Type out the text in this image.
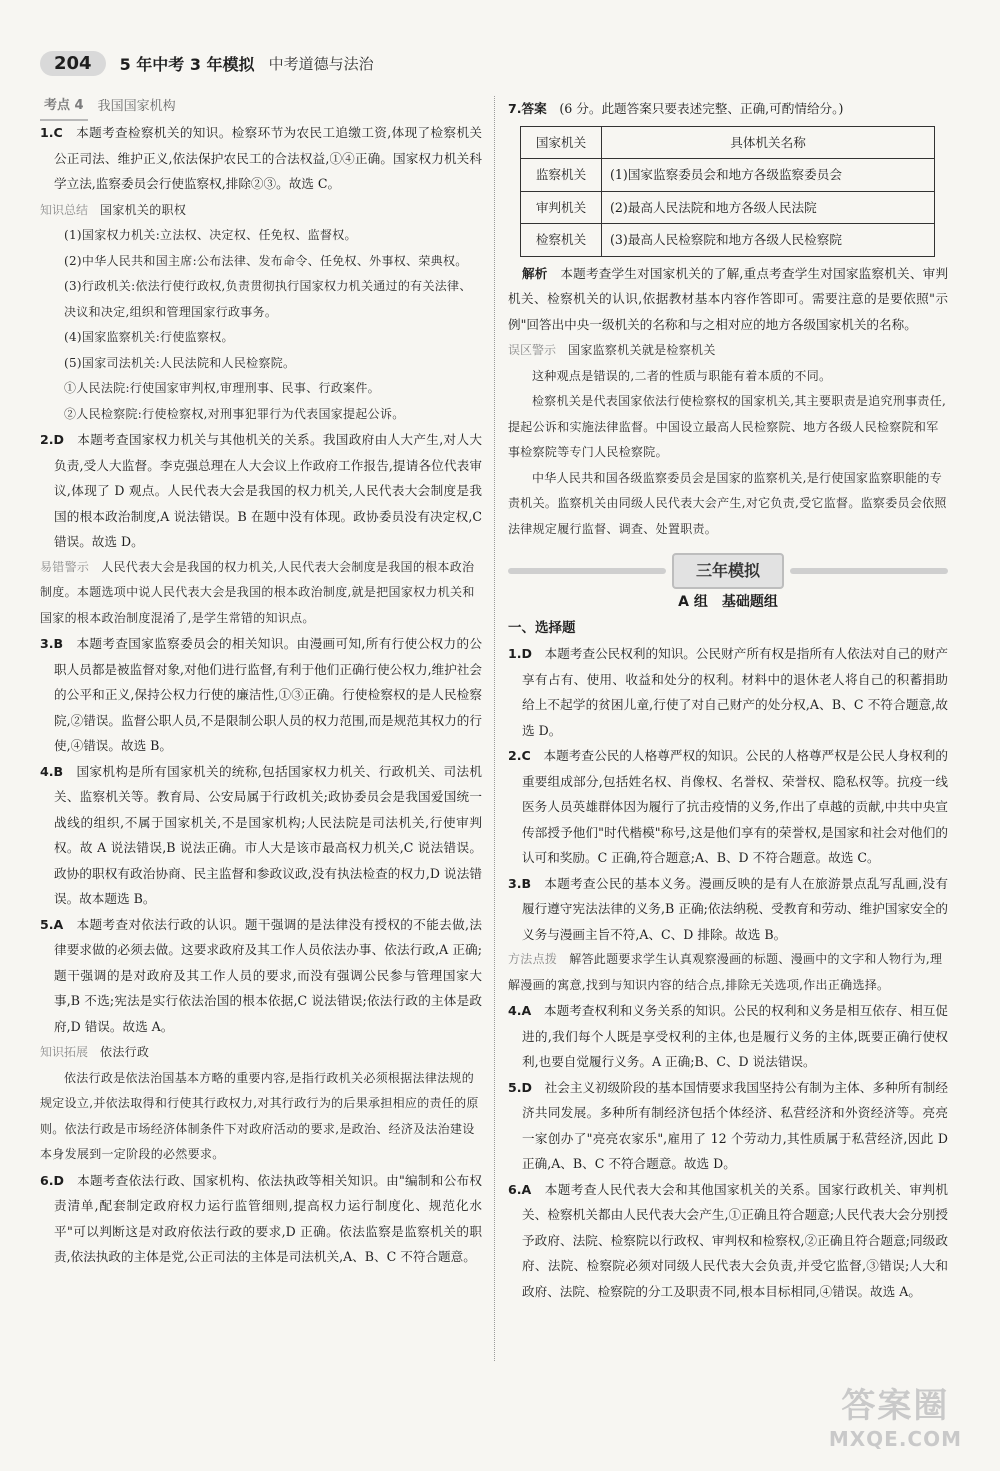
204	5 年中考 3 年模拟 中考道德与法治
考点 4	我国国家机构

1.C　 本题考查检察机关的知识。检察环节为农民工追缴工资,体现了检察机关公正司法、维护正义,依法保护农民工的合法权益,①④正确。国家权力机关科学立法,监察委员会行使监察权,排除②③。故选 C。

知识总结 国家机关的职权

(1)国家权力机关:立法权、决定权、任免权、监督权。

(2)中华人民共和国主席:公布法律、发布命令、任免权、外事权、荣典权。

(3)行政机关:依法行使行政权,负责贯彻执行国家权力机关通过的有关法律、决议和决定,组织和管理国家行政事务。

(4)国家监察机关:行使监察权。

(5)国家司法机关:人民法院和人民检察院。

①人民法院:行使国家审判权,审理刑事、民事、行政案件。

②人民检察院:行使检察权,对刑事犯罪行为代表国家提起公诉。

2.D　 本题考查国家权力机关与其他机关的关系。我国政府由人大产生,对人大负责,受人大监督。李克强总理在人大会议上作政府工作报告,提请各位代表审议,体现了 D 观点。人民代表大会是我国的权力机关,人民代表大会制度是我国的根本政治制度,A 说法错误。B 在题中没有体现。政协委员没有决定权,C 错误。故选 D。

易错警示 人民代表大会是我国的权力机关,人民代表大会制度是我国的根本政治制度。本题选项中说人民代表大会是我国的根本政治制度,就是把国家权力机关和国家的根本政治制度混淆了,是学生常错的知识点。

3.B　 本题考查国家监察委员会的相关知识。由漫画可知,所有行使公权力的公职人员都是被监督对象,对他们进行监督,有利于他们正确行使公权力,维护社会的公平和正义,保持公权力行使的廉洁性,①③正确。行使检察权的是人民检察院,②错误。监督公职人员,不是限制公职人员的权力范围,而是规范其权力的行使,④错误。故选 B。

4.B　 国家机构是所有国家机关的统称,包括国家权力机关、行政机关、司法机关、监察机关等。教育局、公安局属于行政机关;政协委员会是我国爱国统一战线的组织,不属于国家机关,不是国家机构;人民法院是司法机关,行使审判权。故 A 说法错误,B 说法正确。市人大是该市最高权力机关,C 说法错误。政协的职权有政治协商、民主监督和参政议政,没有执法检查的权力,D 说法错误。故本题选 B。

5.A　 本题考查对依法行政的认识。题干强调的是法律没有授权的不能去做,法律要求做的必须去做。这要求政府及其工作人员依法办事、依法行政,A 正确;题干强调的是对政府及其工作人员的要求,而没有强调公民参与管理国家大事,B 不选;宪法是实行依法治国的根本依据,C 说法错误;依法行政的主体是政府,D 错误。故选 A。

知识拓展 依法行政

依法行政是依法治国基本方略的重要内容,是指行政机关必须根据法律法规的规定设立,并依法取得和行使其行政权力,对其行政行为的后果承担相应的责任的原则。依法行政是市场经济体制条件下对政府活动的要求,是政治、经济及法治建设本身发展到一定阶段的必然要求。

6.D　 本题考查依法行政、国家机构、依法执政等相关知识。由"编制和公布权责清单,配套制定政府权力运行监管细则,提高权力运行制度化、规范化水平"可以判断这是对政府依法行政的要求,D 正确。依法监察是监察机关的职责,依法执政的主体是党,公正司法的主体是司法机关,A、B、C 不符合题意。

7.答案　 (6 分。此题答案只要表述完整、正确,可酌情给分。)

国家机关	具体机关名称
监察机关	(1)国家监察委员会和地方各级监察委员会
审判机关	(2)最高人民法院和地方各级人民法院
检察机关	(3)最高人民检察院和地方各级人民检察院

解析　 本题考查学生对国家机关的了解,重点考查学生对国家监察机关、审判机关、检察机关的认识,依据教材基本内容作答即可。需要注意的是要依照"示例"回答出中央一级机关的名称和与之相对应的地方各级国家机关的名称。

误区警示 国家监察机关就是检察机关

这种观点是错误的,二者的性质与职能有着本质的不同。

检察机关是代表国家依法行使检察权的国家机关,其主要职责是追究刑事责任,提起公诉和实施法律监督。中国设立最高人民检察院、地方各级人民检察院和军事检察院等专门人民检察院。

中华人民共和国各级监察委员会是国家的监察机关,是行使国家监察职能的专责机关。监察机关由同级人民代表大会产生,对它负责,受它监督。监察委员会依照法律规定履行监督、调查、处置职责。

三年模拟

A 组　基础题组

一、选择题

1.D　 本题考查公民权利的知识。公民财产所有权是指所有人依法对自己的财产享有占有、使用、收益和处分的权利。材料中的退休老人将自己的积蓄捐助给上不起学的贫困儿童,行使了对自己财产的处分权,A、B、C 不符合题意,故选 D。

2.C　 本题考查公民的人格尊严权的知识。公民的人格尊严权是公民人身权利的重要组成部分,包括姓名权、肖像权、名誉权、荣誉权、隐私权等。抗疫一线医务人员英雄群体因为履行了抗击疫情的义务,作出了卓越的贡献,中共中央宣传部授予他们"时代楷模"称号,这是他们享有的荣誉权,是国家和社会对他们的认可和奖励。C 正确,符合题意;A、B、D 不符合题意。故选 C。

3.B　 本题考查公民的基本义务。漫画反映的是有人在旅游景点乱写乱画,没有履行遵守宪法法律的义务,B 正确;依法纳税、受教育和劳动、维护国家安全的义务与漫画主旨不符,A、C、D 排除。故选 B。

方法点拨 解答此题要求学生认真观察漫画的标题、漫画中的文字和人物行为,理解漫画的寓意,找到与知识内容的结合点,排除无关选项,作出正确选择。

4.A　 本题考查权利和义务关系的知识。公民的权利和义务是相互依存、相互促进的,我们每个人既是享受权利的主体,也是履行义务的主体,既要正确行使权利,也要自觉履行义务。A 正确;B、C、D 说法错误。

5.D　 社会主义初级阶段的基本国情要求我国坚持公有制为主体、多种所有制经济共同发展。多种所有制经济包括个体经济、私营经济和外资经济等。亮亮一家创办了"亮亮农家乐",雇用了 12 个劳动力,其性质属于私营经济,因此 D 正确,A、B、C 不符合题意。故选 D。

6.A　 本题考查人民代表大会和其他国家机关的关系。国家行政机关、审判机关、检察机关都由人民代表大会产生,①正确且符合题意;人民代表大会分别授予政府、法院、检察院以行政权、审判权和检察权,②正确且符合题意;同级政府、法院、检察院必须对同级人民代表大会负责,并受它监督,③错误;人大和政府、法院、检察院的分工及职责不同,根本目标相同,④错误。故选 A。

答案圈
MXQE.COM
